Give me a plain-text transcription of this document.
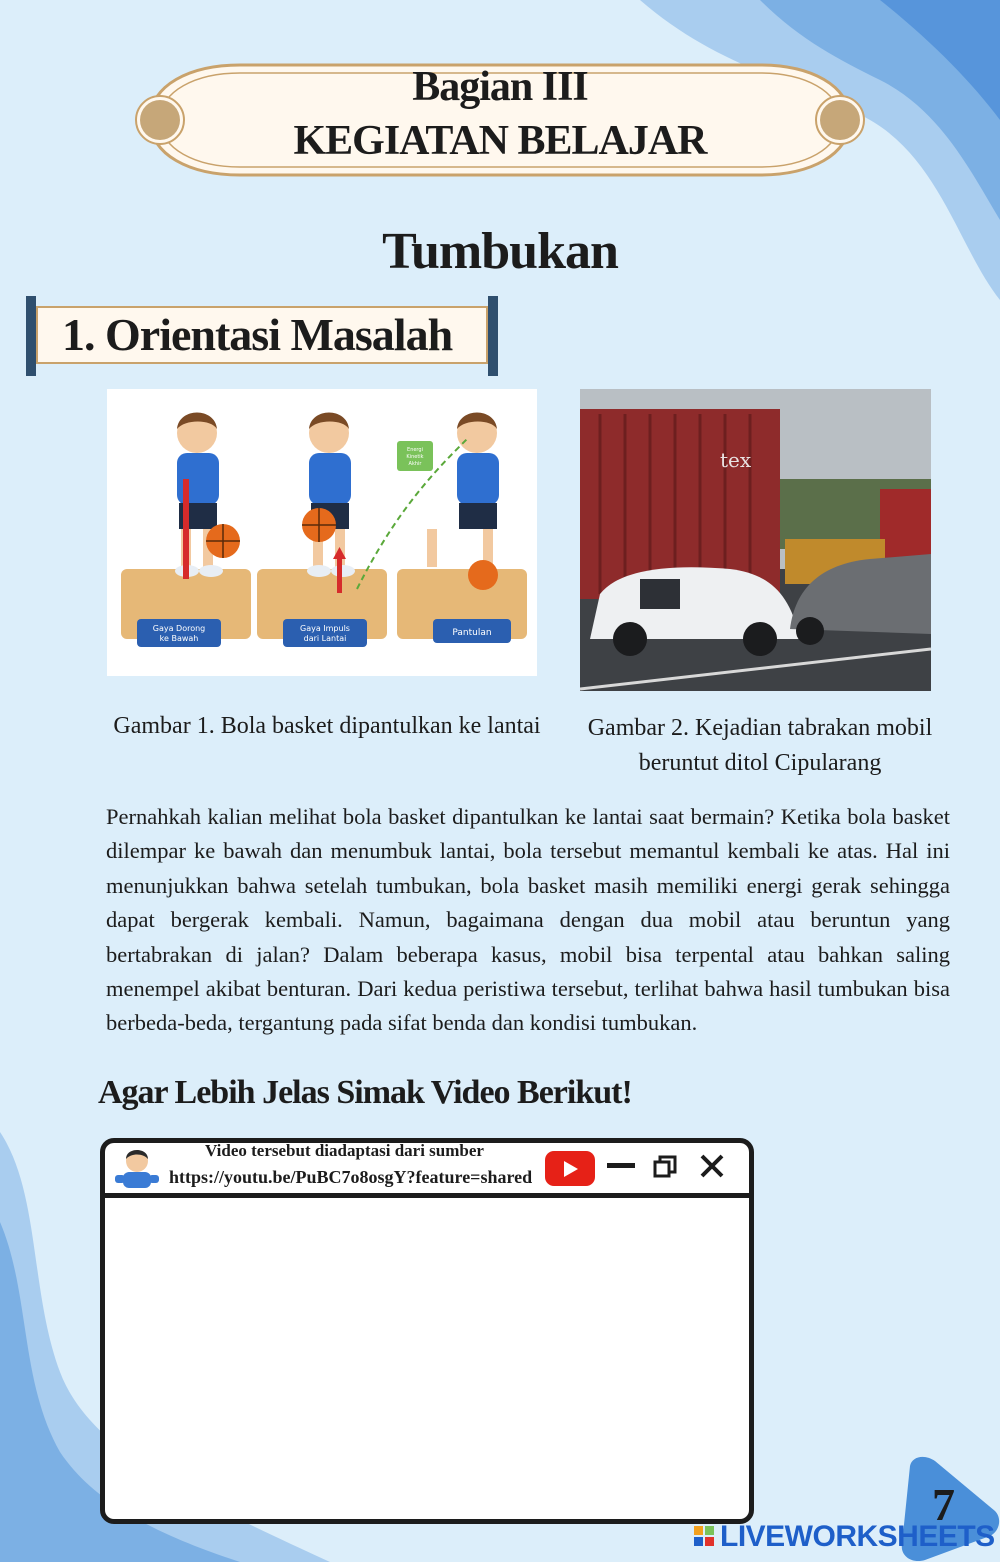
Bagian III
KEGIATAN BELAJAR
Tumbukan
1. Orientasi Masalah
Gaya Dorong
ke Bawah
Gaya Impuls
dari Lantai
Energi
Kinetik
Akhir
Pantulan
tex
Gambar 1. Bola basket dipantulkan ke lantai	Gambar 2. Kejadian tabrakan mobil
beruntut ditol Cipularang
Pernahkah kalian melihat bola basket dipantulkan ke lantai saat bermain? Ketika bola basket dilempar ke bawah dan menumbuk lantai, bola tersebut memantul kembali ke atas. Hal ini menunjukkan bahwa setelah tumbukan, bola basket masih memiliki energi gerak sehingga dapat bergerak kembali. Namun, bagaimana dengan dua mobil atau beruntun yang bertabrakan di jalan? Dalam beberapa kasus, mobil bisa terpental atau bahkan saling menempel akibat benturan. Dari kedua peristiwa tersebut, terlihat bahwa hasil tumbukan bisa berbeda-beda, tergantung pada sifat benda dan kondisi tumbukan.
Agar Lebih Jelas Simak Video Berikut!
Video tersebut diadaptasi dari sumber
https://youtu.be/PuBC7o8osgY?feature=shared
7
LIVEWORKSHEETS
